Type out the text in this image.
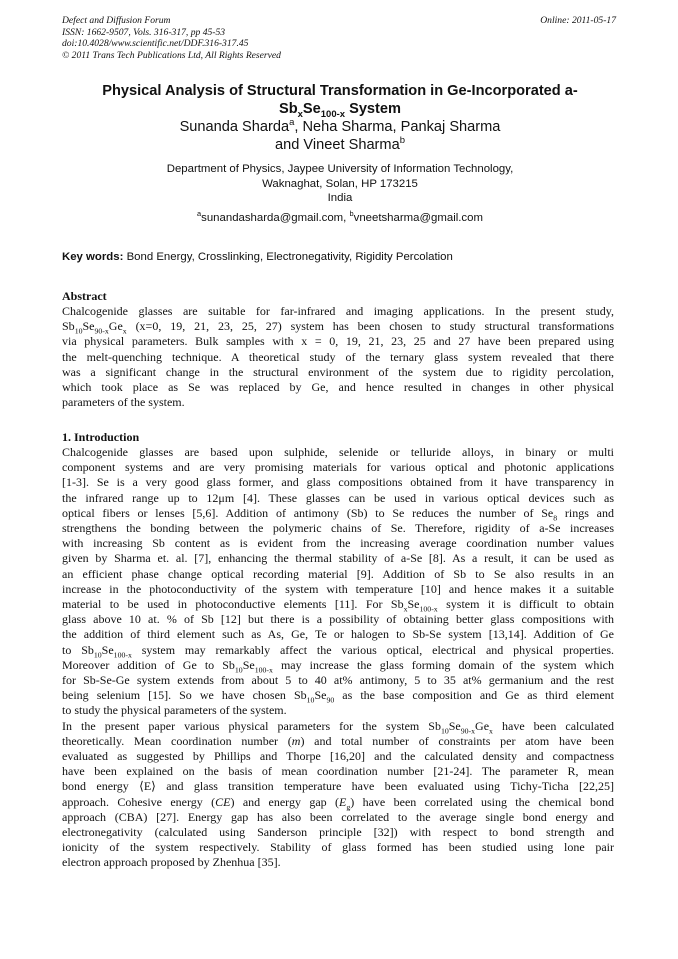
Defect and Diffusion Forum
ISSN: 1662-9507, Vols. 316-317, pp 45-53
doi:10.4028/www.scientific.net/DDF.316-317.45
© 2011 Trans Tech Publications Ltd, All Rights Reserved
Online: 2011-05-17
Physical Analysis of Structural Transformation in Ge-Incorporated a-
$Sb_xSe_{100-x}$ System
Sunanda Sharda$^a$, Neha Sharma, Pankaj Sharma
and Vineet Sharma$^b$
Department of Physics, Jaypee University of Information Technology,
Waknaghat, Solan, HP 173215
India
$^a$sunandasharda@gmail.com, $^b$vneetsharma@gmail.com
Key words: Bond Energy, Crosslinking, Electronegativity, Rigidity Percolation
Abstract
Chalcogenide glasses are suitable for far-infrared and imaging applications. In the present study,
$Sb_{10}Se_{90-x}Ge_x$ (x=0, 19, 21, 23, 25, 27) system has been chosen to study structural transformations
via physical parameters. Bulk samples with x = 0, 19, 21, 23, 25 and 27 have been prepared using
the melt-quenching technique. A theoretical study of the ternary glass system revealed that there
was a significant change in the structural environment of the system due to rigidity percolation,
which took place as Se was replaced by Ge, and hence resulted in changes in other physical
parameters of the system.
1. Introduction
Chalcogenide glasses are based upon sulphide, selenide or telluride alloys, in binary or multi
component systems and are very promising materials for various optical and photonic applications
[1-3]. Se is a very good glass former, and glass compositions obtained from it have transparency in
the infrared range up to 12μm [4]. These glasses can be used in various optical devices such as
optical fibers or lenses [5,6]. Addition of antimony (Sb) to Se reduces the number of $Se_8$ rings and
strengthens the bonding between the polymeric chains of Se. Therefore, rigidity of a-Se increases
with increasing Sb content as is evident from the increasing average coordination number values
given by Sharma et. al. [7], enhancing the thermal stability of a-Se [8]. As a result, it can be used as
an efficient phase change optical recording material [9]. Addition of Sb to Se also results in an
increase in the photoconductivity of the system with temperature [10] and hence makes it a suitable
material to be used in photoconductive elements [11]. For $Sb_xSe_{100-x}$ system it is difficult to obtain
glass above 10 at. % of Sb [12] but there is a possibility of obtaining better glass compositions with
the addition of third element such as As, Ge, Te or halogen to Sb-Se system [13,14]. Addition of Ge
to $Sb_{10}Se_{100-x}$ system may remarkably affect the various optical, electrical and physical properties.
Moreover addition of Ge to $Sb_{10}Se_{100-x}$ may increase the glass forming domain of the system which
for Sb-Se-Ge system extends from about 5 to 40 at% antimony, 5 to 35 at% germanium and the rest
being selenium [15]. So we have chosen $Sb_{10}Se_{90}$ as the base composition and Ge as third element
to study the physical parameters of the system.
In the present paper various physical parameters for the system $Sb_{10}Se_{90-x}Ge_x$ have been calculated
theoretically. Mean coordination number (m) and total number of constraints per atom have been
evaluated as suggested by Phillips and Thorpe [16,20] and the calculated density and compactness
have been explained on the basis of mean coordination number [21-24]. The parameter R, mean
bond energy ⟨E⟩ and glass transition temperature have been evaluated using Tichy-Ticha [22,25]
approach. Cohesive energy (CE) and energy gap $(E_g)$ have been correlated using the chemical bond
approach (CBA) [27]. Energy gap has also been correlated to the average single bond energy and
electronegativity (calculated using Sanderson principle [32]) with respect to bond strength and
ionicity of the system respectively. Stability of glass formed has been studied using lone pair
electron approach proposed by Zhenhua [35].
